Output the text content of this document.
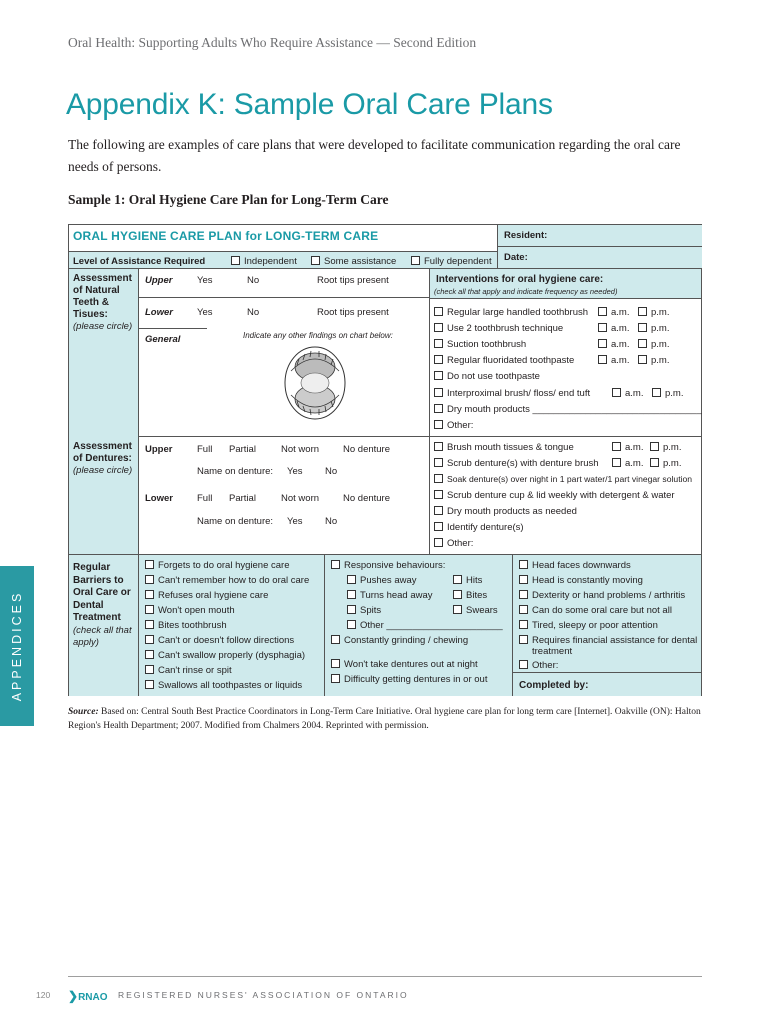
Oral Health: Supporting Adults Who Require Assistance — Second Edition
Appendix K: Sample Oral Care Plans

The following are examples of care plans that were developed to facilitate communication regarding the oral care needs of persons.

Sample 1: Oral Hygiene Care Plan for Long-Term Care
APPENDICES
ORAL HYGIENE CARE PLAN for LONG-TERM CARE	Resident:
Date:
Level of Assistance Required	Independent	Some assistance	Fully dependent
Assessment of Natural Teeth & Tisues:
(please circle)
Upper	Yes	No	Root tips present
Lower	Yes	No	Root tips present
General	Indicate any other findings on chart below:
Interventions for oral hygiene care:
(check all that apply and indicate frequency as needed)
Regular large handled toothbrush	a.m.	p.m.
Use 2 toothbrush technique	a.m.	p.m.
Suction toothbrush	a.m.	p.m.
Regular fluoridated toothpaste	a.m.	p.m.
Do not use toothpaste
Interproximal brush/ floss/ end tuft	a.m.	p.m.
Dry mouth products ________________________________
Other:
Assessment of Dentures:
(please circle)
Upper	Full Partial	Not worn	No denture
Name on denture: Yes No
Lower	Full Partial	Not worn	No denture
Name on denture: Yes No
Brush mouth tissues & tongue	a.m.	p.m.
Scrub denture(s) with denture brush	a.m.	p.m.
Soak denture(s) over night in 1 part water/1 part vinegar solution
Scrub denture cup & lid weekly with detergent & water
Dry mouth products as needed
Identify denture(s)
Other:
Regular Barriers to Oral Care or Dental Treatment
(check all that apply)
Forgets to do oral hygiene care
Can't remember how to do oral care
Refuses oral hygiene care
Won't open mouth
Bites toothbrush
Can't or doesn't follow directions
Can't swallow properly (dysphagia)
Can't rinse or spit
Swallows all toothpastes or liquids
Responsive behaviours:
Pushes away	Hits
Turns head away	Bites
Spits	Swears
Other ______________________
Constantly grinding / chewing
Won't take dentures out at night
Difficulty getting dentures in or out
Head faces downwards
Head is constantly moving
Dexterity or hand problems / arthritis
Can do some oral care but not all
Tired, sleepy or poor attention
Requires financial assistance for dental treatment
Other:
Completed by:
Source: Based on: Central South Best Practice Coordinators in Long-Term Care Initiative. Oral hygiene care plan for long term care [Internet]. Oakville (ON): Halton Region's Health Department; 2007. Modified from Chalmers 2004. Reprinted with permission.
120 ❯RNAO REGISTERED NURSES' ASSOCIATION OF ONTARIO
